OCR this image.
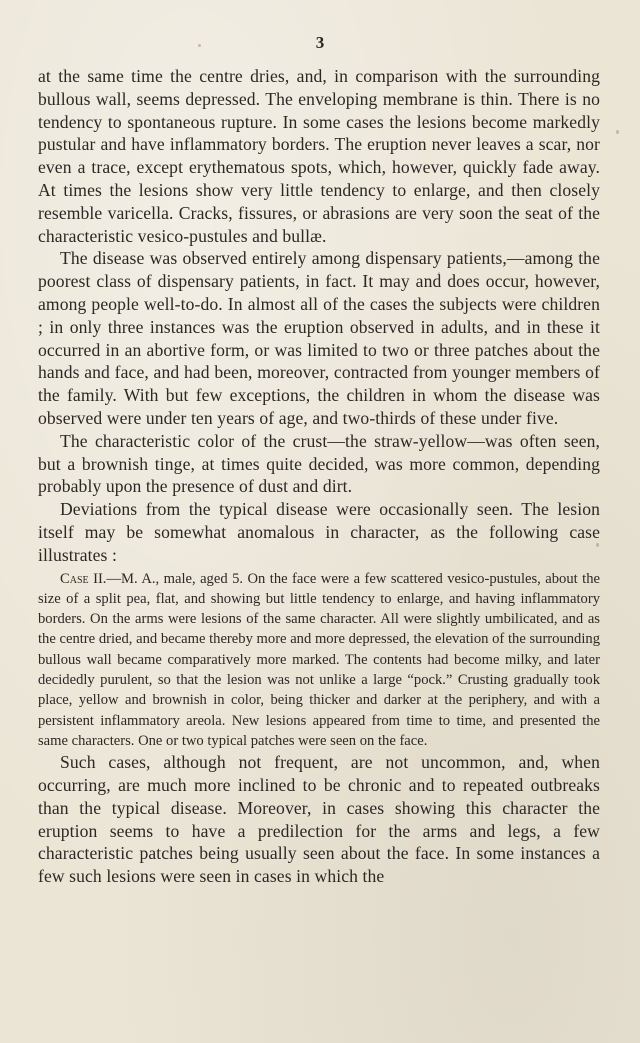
3

at the same time the centre dries, and, in comparison with the surrounding bullous wall, seems depressed. The enveloping membrane is thin. There is no tendency to spontaneous rupture. In some cases the lesions become markedly pustular and have inflammatory borders. The eruption never leaves a scar, nor even a trace, except erythematous spots, which, however, quickly fade away. At times the lesions show very little tendency to enlarge, and then closely resemble varicella. Cracks, fissures, or abrasions are very soon the seat of the characteristic vesico-pustules and bullæ.

The disease was observed entirely among dispensary patients,—among the poorest class of dispensary patients, in fact. It may and does occur, however, among people well-to-do. In almost all of the cases the subjects were children ; in only three instances was the eruption observed in adults, and in these it occurred in an abortive form, or was limited to two or three patches about the hands and face, and had been, moreover, contracted from younger members of the family. With but few exceptions, the children in whom the disease was observed were under ten years of age, and two-thirds of these under five.

The characteristic color of the crust—the straw-yellow—was often seen, but a brownish tinge, at times quite decided, was more common, depending probably upon the presence of dust and dirt.

Deviations from the typical disease were occasionally seen. The lesion itself may be somewhat anomalous in character, as the following case illustrates :

Case II.—M. A., male, aged 5. On the face were a few scattered vesico-pustules, about the size of a split pea, flat, and showing but little tendency to enlarge, and having inflammatory borders. On the arms were lesions of the same character. All were slightly umbilicated, and as the centre dried, and became thereby more and more depressed, the elevation of the surrounding bullous wall became comparatively more marked. The contents had become milky, and later decidedly purulent, so that the lesion was not unlike a large “pock.” Crusting gradually took place, yellow and brownish in color, being thicker and darker at the periphery, and with a persistent inflammatory areola. New lesions appeared from time to time, and presented the same characters. One or two typical patches were seen on the face.

Such cases, although not frequent, are not uncommon, and, when occurring, are much more inclined to be chronic and to repeated outbreaks than the typical disease. Moreover, in cases showing this character the eruption seems to have a predilection for the arms and legs, a few characteristic patches being usually seen about the face. In some instances a few such lesions were seen in cases in which the
